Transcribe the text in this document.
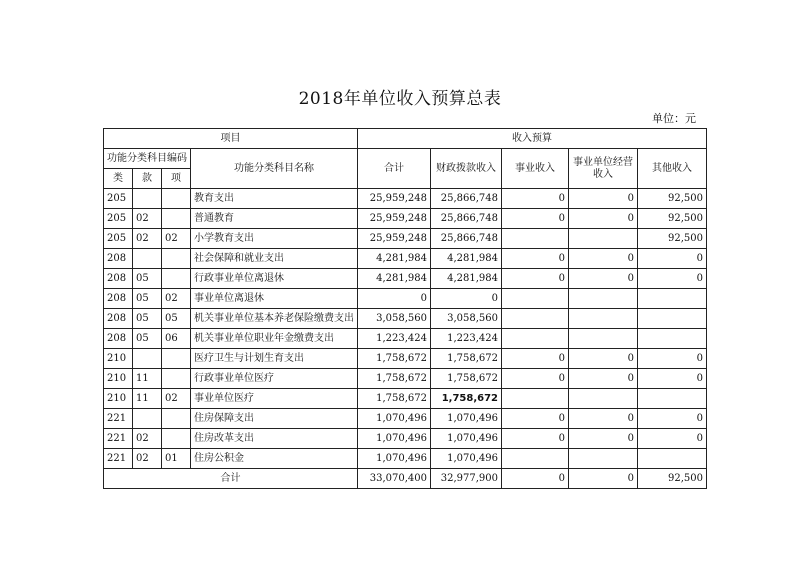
2018年单位收入预算总表
单位：元
项目				收入预算				
功能分类科目编码			功能分类科目名称	合计	财政拨款收入	事业收入	事业单位经营收入	其他收入
类	款	项						
205			教育支出	25,959,248	25,866,748	0	0	92,500
205	02		普通教育	25,959,248	25,866,748	0	0	92,500
205	02	02	小学教育支出	25,959,248	25,866,748			92,500
208			社会保障和就业支出	4,281,984	4,281,984	0	0	0
208	05		行政事业单位离退休	4,281,984	4,281,984	0	0	0
208	05	02	事业单位离退休	0	0			
208	05	05	机关事业单位基本养老保险缴费支出	3,058,560	3,058,560			
208	05	06	机关事业单位职业年金缴费支出	1,223,424	1,223,424			
210			医疗卫生与计划生育支出	1,758,672	1,758,672	0	0	0
210	11		行政事业单位医疗	1,758,672	1,758,672	0	0	0
210	11	02	事业单位医疗	1,758,672	1,758,672			
221			住房保障支出	1,070,496	1,070,496	0	0	0
221	02		住房改革支出	1,070,496	1,070,496	0	0	0
221	02	01	住房公积金	1,070,496	1,070,496			
合计				33,070,400	32,977,900	0	0	92,500
